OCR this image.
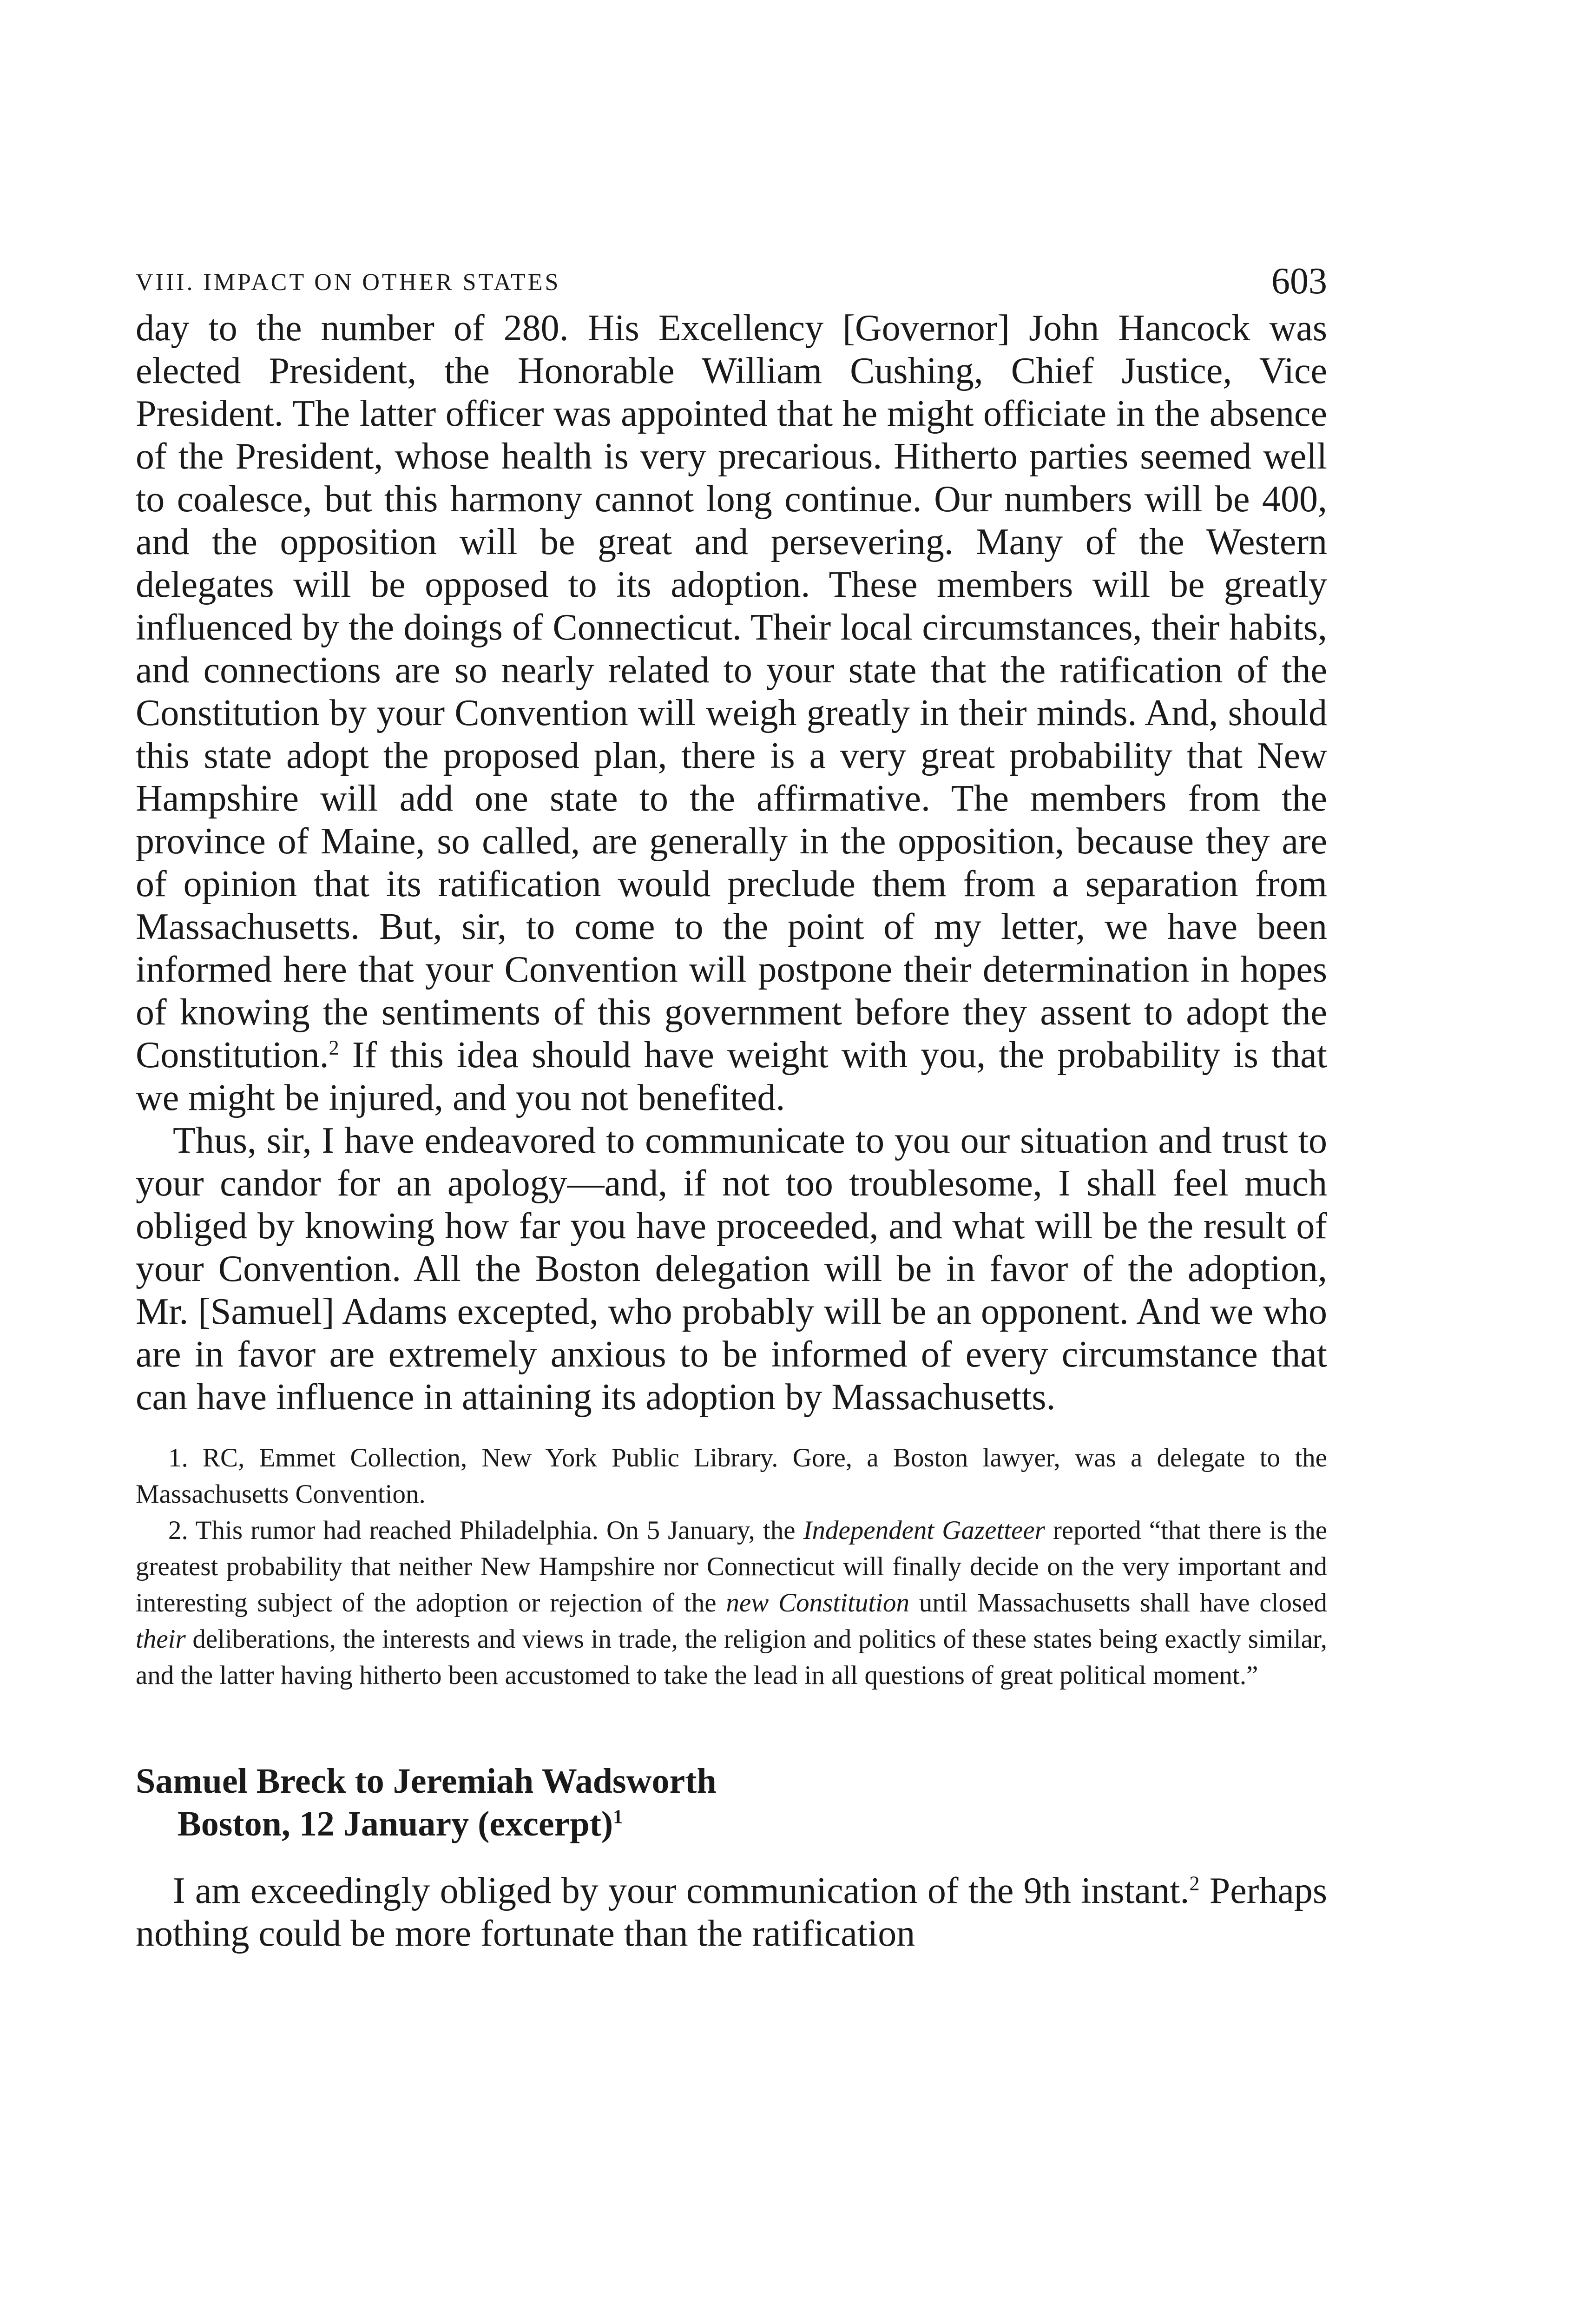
VIII. IMPACT ON OTHER STATES	603

day to the number of 280. His Excellency [Governor] John Hancock was elected President, the Honorable William Cushing, Chief Justice, Vice President. The latter officer was appointed that he might officiate in the absence of the President, whose health is very precarious. Hitherto parties seemed well to coalesce, but this harmony cannot long continue. Our numbers will be 400, and the opposition will be great and persevering. Many of the Western delegates will be opposed to its adoption. These members will be greatly influenced by the doings of Connecticut. Their local circumstances, their habits, and connections are so nearly related to your state that the ratification of the Constitution by your Convention will weigh greatly in their minds. And, should this state adopt the proposed plan, there is a very great probability that New Hampshire will add one state to the affirmative. The members from the province of Maine, so called, are generally in the opposition, because they are of opinion that its ratification would preclude them from a separation from Massachusetts. But, sir, to come to the point of my letter, we have been informed here that your Convention will postpone their determination in hopes of knowing the sentiments of this government before they assent to adopt the Constitution.$^2$ If this idea should have weight with you, the probability is that we might be injured, and you not benefited.

Thus, sir, I have endeavored to communicate to you our situation and trust to your candor for an apology—and, if not too troublesome, I shall feel much obliged by knowing how far you have proceeded, and what will be the result of your Convention. All the Boston delegation will be in favor of the adoption, Mr. [Samuel] Adams excepted, who probably will be an opponent. And we who are in favor are extremely anxious to be informed of every circumstance that can have influence in attaining its adoption by Massachusetts.

1. RC, Emmet Collection, New York Public Library. Gore, a Boston lawyer, was a delegate to the Massachusetts Convention.

2. This rumor had reached Philadelphia. On 5 January, the Independent Gazetteer reported “that there is the greatest probability that neither New Hampshire nor Connecticut will finally decide on the very important and interesting subject of the adoption or rejection of the new Constitution until Massachusetts shall have closed their deliberations, the interests and views in trade, the religion and politics of these states being exactly similar, and the latter having hitherto been accustomed to take the lead in all questions of great political moment.”

Samuel Breck to Jeremiah Wadsworth
Boston, 12 January (excerpt)$^1$

I am exceedingly obliged by your communication of the 9th instant.$^2$ Perhaps nothing could be more fortunate than the ratification
